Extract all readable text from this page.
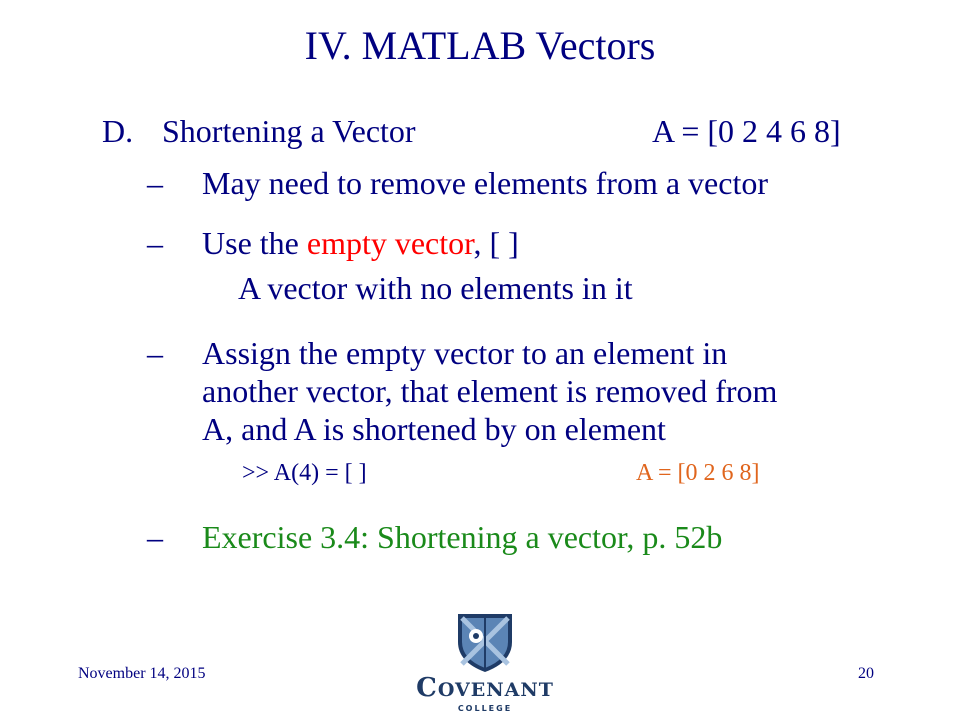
IV. MATLAB Vectors
D. Shortening a Vector	A = [0 2 4 6 8]
– May need to remove elements from a vector
– Use the empty vector, [ ]
A vector with no elements in it
– Assign the empty vector to an element in
another vector, that element is removed from
A, and A is shortened by on element
>> A(4) = [ ]	A = [0 2 6 8]
– Exercise 3.4: Shortening a vector, p. 52b
November 14, 2015	20
COVENANT
COLLEGE
